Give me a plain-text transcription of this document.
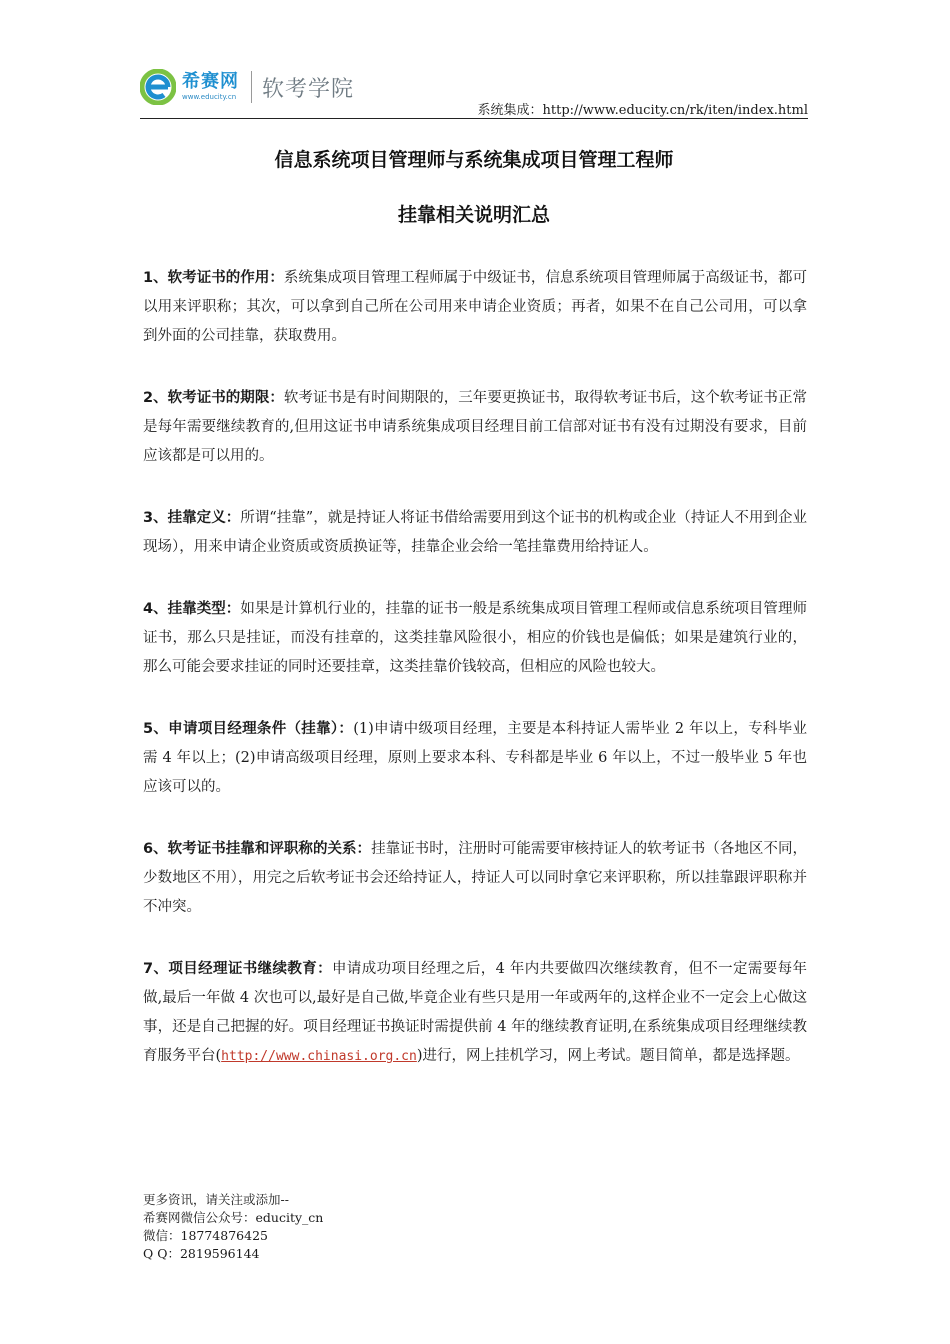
希赛网
www.educity.cn 软考学院
系统集成：http://www.educity.cn/rk/iten/index.html
信息系统项目管理师与系统集成项目管理工程师
挂靠相关说明汇总

1、软考证书的作用：系统集成项目管理工程师属于中级证书，信息系统项目管理师属于高级证书，都可以用来评职称；其次，可以拿到自己所在公司用来申请企业资质；再者，如果不在自己公司用，可以拿到外面的公司挂靠，获取费用。

2、软考证书的期限：软考证书是有时间期限的，三年要更换证书，取得软考证书后，这个软考证书正常是每年需要继续教育的,但用这证书申请系统集成项目经理目前工信部对证书有没有过期没有要求，目前应该都是可以用的。

3、挂靠定义：所谓“挂靠”，就是持证人将证书借给需要用到这个证书的机构或企业（持证人不用到企业现场），用来申请企业资质或资质换证等，挂靠企业会给一笔挂靠费用给持证人。

4、挂靠类型：如果是计算机行业的，挂靠的证书一般是系统集成项目管理工程师或信息系统项目管理师证书，那么只是挂证，而没有挂章的，这类挂靠风险很小，相应的价钱也是偏低；如果是建筑行业的，那么可能会要求挂证的同时还要挂章，这类挂靠价钱较高，但相应的风险也较大。

5、申请项目经理条件（挂靠）：(1)申请中级项目经理，主要是本科持证人需毕业 2 年以上，专科毕业需 4 年以上；(2)申请高级项目经理，原则上要求本科、专科都是毕业 6 年以上，不过一般毕业 5 年也应该可以的。

6、软考证书挂靠和评职称的关系：挂靠证书时，注册时可能需要审核持证人的软考证书（各地区不同，少数地区不用），用完之后软考证书会还给持证人，持证人可以同时拿它来评职称，所以挂靠跟评职称并不冲突。

7、项目经理证书继续教育：申请成功项目经理之后，4 年内共要做四次继续教育，但不一定需要每年做,最后一年做 4 次也可以,最好是自己做,毕竟企业有些只是用一年或两年的,这样企业不一定会上心做这事，还是自己把握的好。项目经理证书换证时需提供前 4 年的继续教育证明,在系统集成项目经理继续教育服务平台(http://www.chinasi.org.cn)进行，网上挂机学习，网上考试。题目简单，都是选择题。

更多资讯，请关注或添加--
希赛网微信公众号：educity_cn
微信：18774876425
Q Q：2819596144
